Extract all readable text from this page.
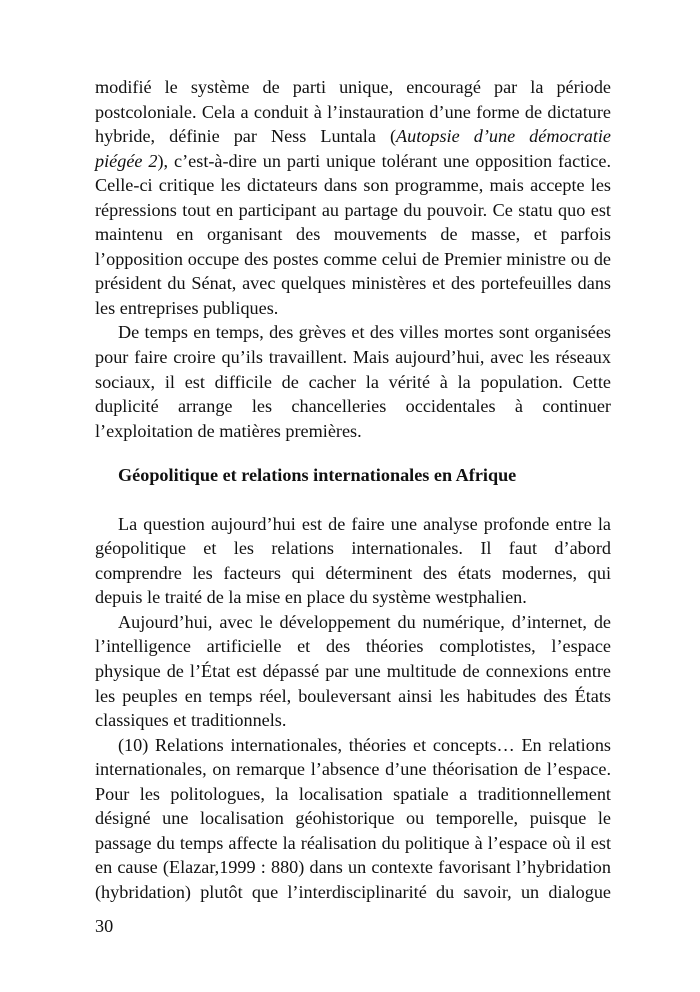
modifié le système de parti unique, encouragé par la période
postcoloniale. Cela a conduit à l’instauration d’une forme de dictature
hybride, définie par Ness Luntala (Autopsie d’une démocratie
piégée 2), c’est-à-dire un parti unique tolérant une opposition factice.
Celle-ci critique les dictateurs dans son programme, mais accepte les
répressions tout en participant au partage du pouvoir. Ce statu quo est
maintenu en organisant des mouvements de masse, et parfois
l’opposition occupe des postes comme celui de Premier ministre ou de
président du Sénat, avec quelques ministères et des portefeuilles dans
les entreprises publiques.
De temps en temps, des grèves et des villes mortes sont organisées
pour faire croire qu’ils travaillent. Mais aujourd’hui, avec les réseaux
sociaux, il est difficile de cacher la vérité à la population. Cette
duplicité arrange les chancelleries occidentales à continuer
l’exploitation de matières premières.
Géopolitique et relations internationales en Afrique
La question aujourd’hui est de faire une analyse profonde entre la
géopolitique et les relations internationales. Il faut d’abord
comprendre les facteurs qui déterminent des états modernes, qui
depuis le traité de la mise en place du système westphalien.
Aujourd’hui, avec le développement du numérique, d’internet, de
l’intelligence artificielle et des théories complotistes, l’espace
physique de l’État est dépassé par une multitude de connexions entre
les peuples en temps réel, bouleversant ainsi les habitudes des États
classiques et traditionnels.
(10) Relations internationales, théories et concepts… En relations
internationales, on remarque l’absence d’une théorisation de l’espace.
Pour les politologues, la localisation spatiale a traditionnellement
désigné une localisation géohistorique ou temporelle, puisque le
passage du temps affecte la réalisation du politique à l’espace où il est
en cause (Elazar,1999 : 880) dans un contexte favorisant l’hybridation
(hybridation) plutôt que l’interdisciplinarité du savoir, un dialogue
30
